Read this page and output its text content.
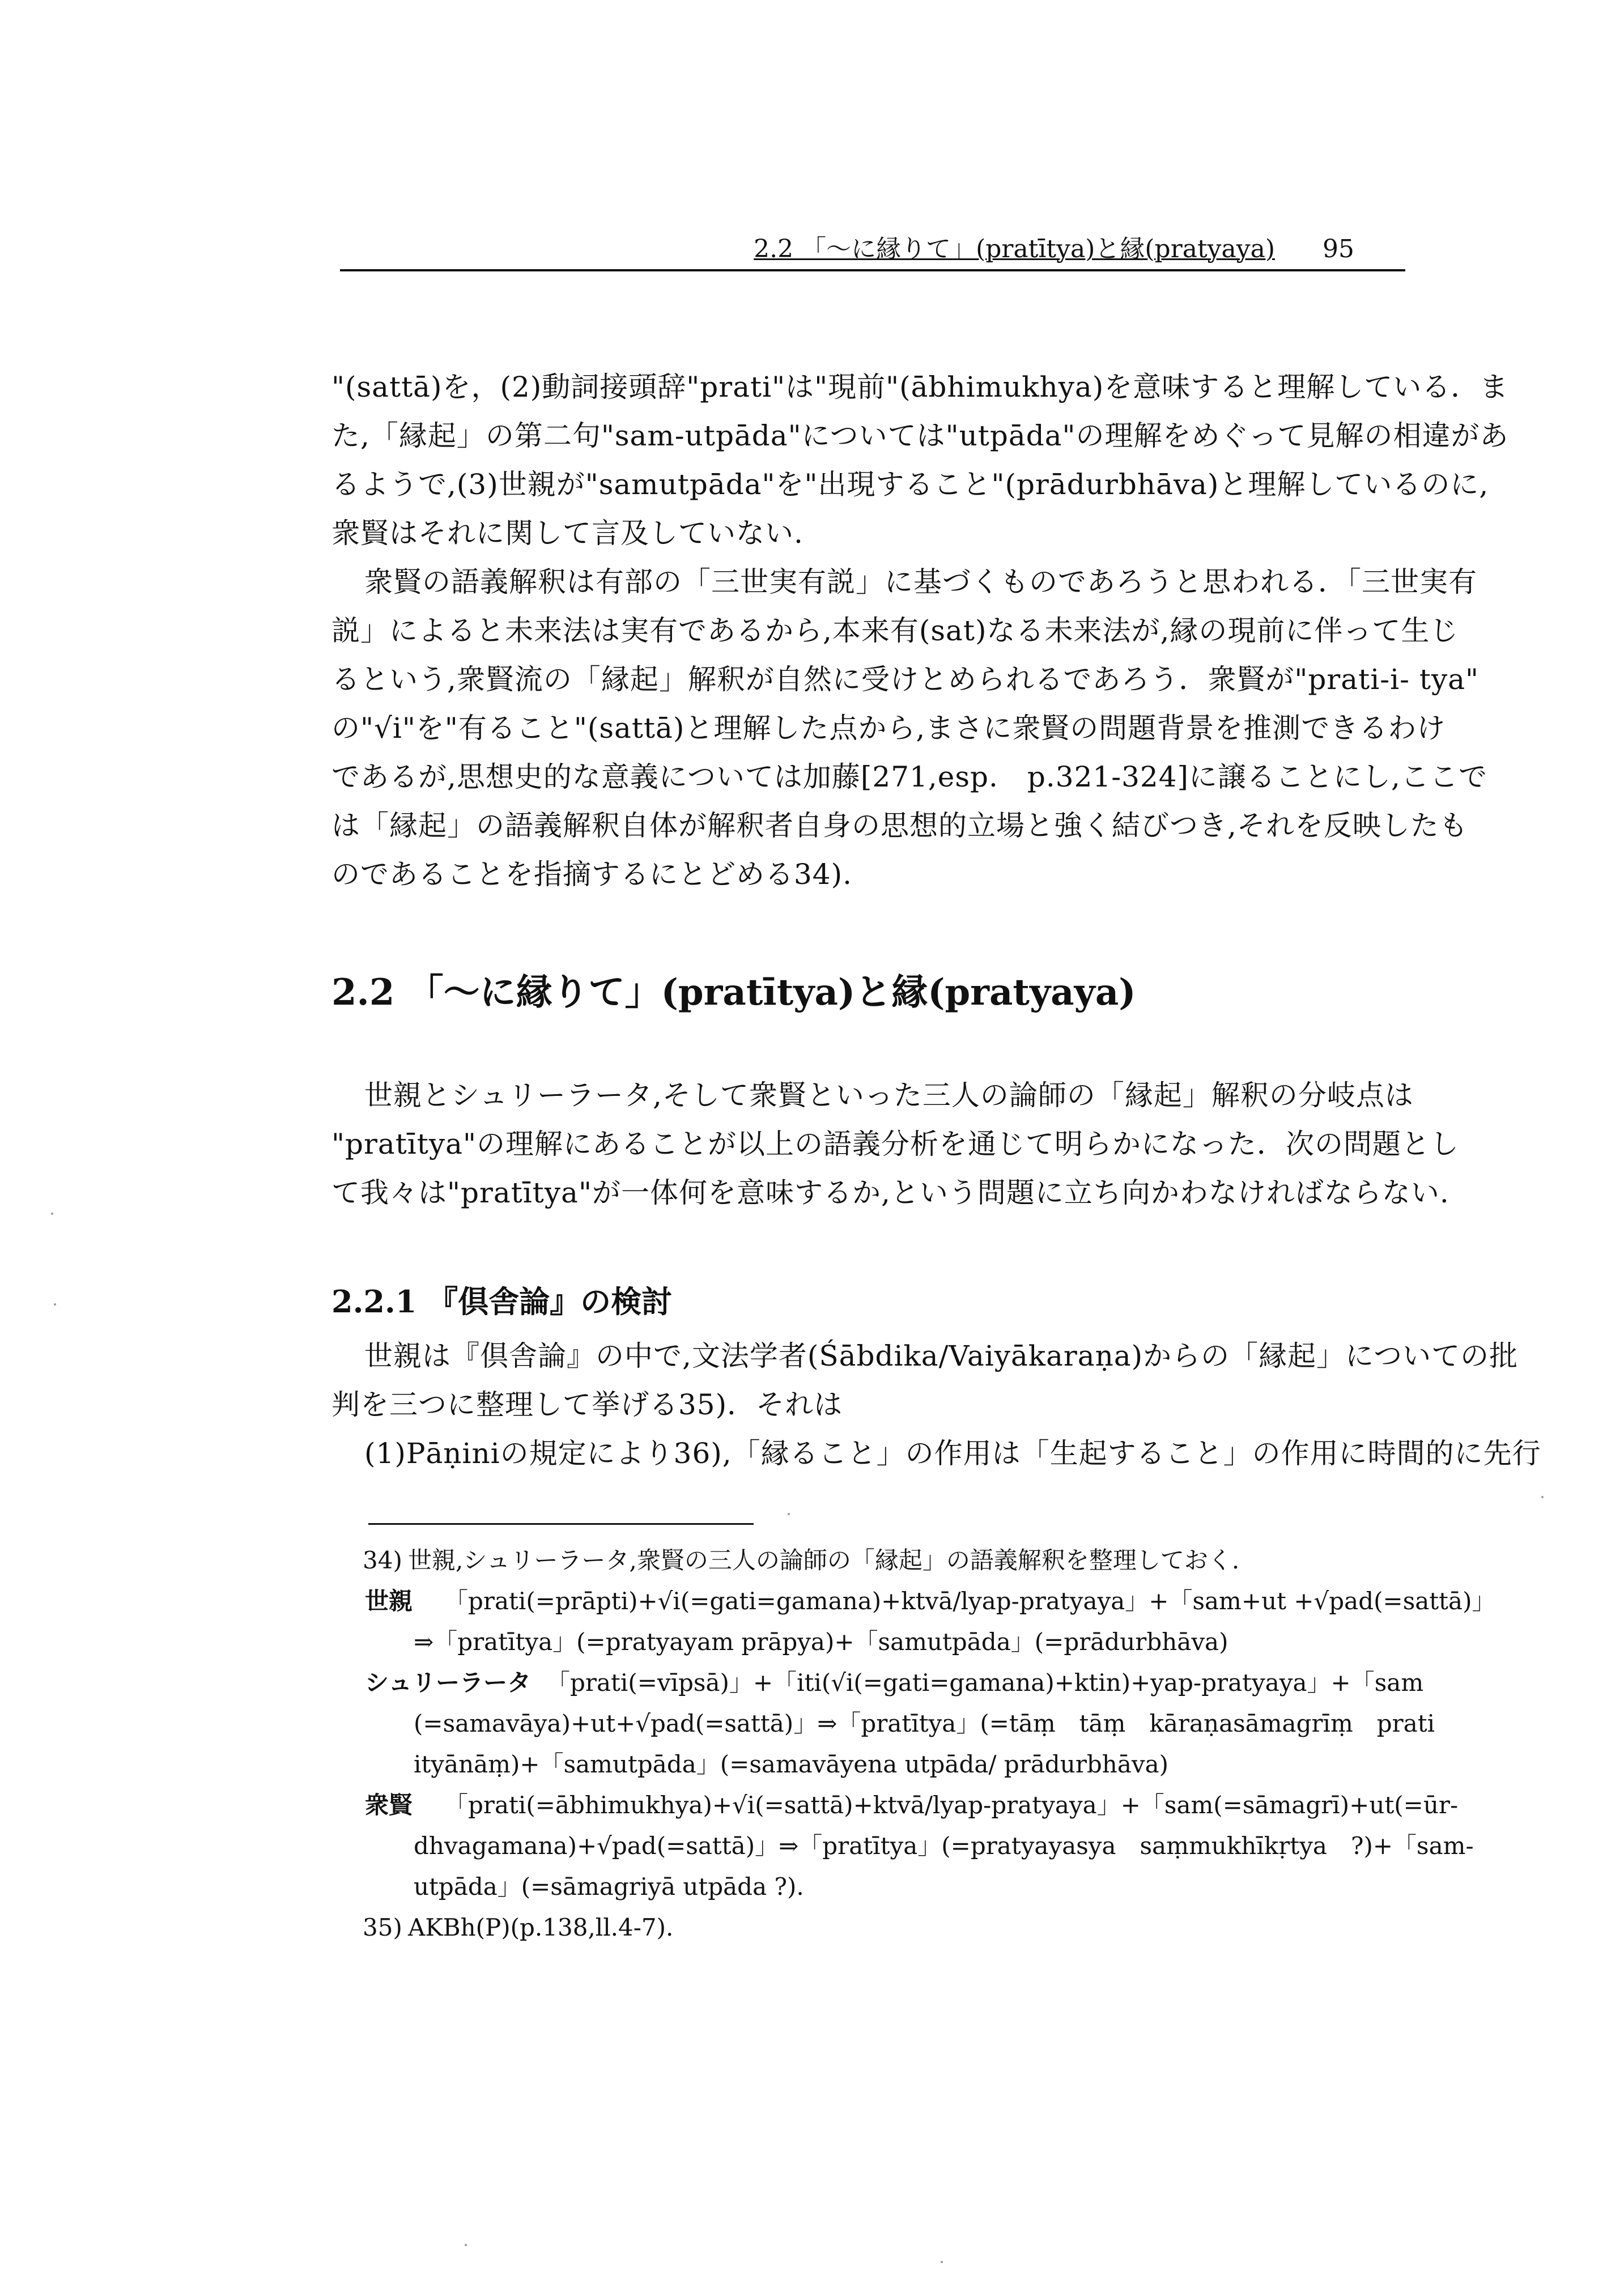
2.2 「～に縁りて」(pratītya)と縁(pratyaya) 95
"(sattā)を，(2)動詞接頭辞"prati"は"現前"(ābhimukhya)を意味すると理解している．ま
た,「縁起」の第二句"sam-utpāda"については"utpāda"の理解をめぐって見解の相違があ
るようで,(3)世親が"samutpāda"を"出現すること"(prādurbhāva)と理解しているのに,
衆賢はそれに関して言及していない.
衆賢の語義解釈は有部の「三世実有説」に基づくものであろうと思われる．「三世実有
説」によると未来法は実有であるから,本来有(sat)なる未来法が,縁の現前に伴って生じ
るという,衆賢流の「縁起」解釈が自然に受けとめられるであろう．衆賢が"prati-i- tya"
の"√i"を"有ること"(sattā)と理解した点から,まさに衆賢の問題背景を推測できるわけ
であるが,思想史的な意義については加藤[271,esp.　p.321-324]に譲ることにし,ここで
は「縁起」の語義解釈自体が解釈者自身の思想的立場と強く結びつき,それを反映したも
のであることを指摘するにとどめる34).
2.2 「～に縁りて」(pratītya)と縁(pratyaya)
世親とシュリーラータ,そして衆賢といった三人の論師の「縁起」解釈の分岐点は
"pratītya"の理解にあることが以上の語義分析を通じて明らかになった．次の問題とし
て我々は"pratītya"が一体何を意味するか,という問題に立ち向かわなければならない.
2.2.1 『倶舎論』の検討
世親は『倶舎論』の中で,文法学者(Śābdika/Vaiyākaraṇa)からの「縁起」についての批
判を三つに整理して挙げる35)．それは
(1)Pāṇiniの規定により36),「縁ること」の作用は「生起すること」の作用に時間的に先行
34) 世親,シュリーラータ,衆賢の三人の論師の「縁起」の語義解釈を整理しておく.
世親 「prati(=prāpti)+√i(=gati=gamana)+ktvā/lyap-pratyaya」+「sam+ut +√pad(=sattā)」
⇒「pratītya」(=pratyayam prāpya)+「samutpāda」(=prādurbhāva)
シュリーラータ 「prati(=vīpsā)」+「iti(√i(=gati=gamana)+ktin)+yap-pratyaya」+「sam
(=samavāya)+ut+√pad(=sattā)」⇒「pratītya」(=tāṃ　tāṃ　kāraṇasāmagrīṃ　prati
ityānāṃ)+「samutpāda」(=samavāyena utpāda/ prādurbhāva)
衆賢 「prati(=ābhimukhya)+√i(=sattā)+ktvā/lyap-pratyaya」+「sam(=sāmagrī)+ut(=ūr-
dhvagamana)+√pad(=sattā)」⇒「pratītya」(=pratyayasya　saṃmukhīkṛtya　?)+「sam-
utpāda」(=sāmagriyā utpāda ?).
35) AKBh(P)(p.138,ll.4-7).
